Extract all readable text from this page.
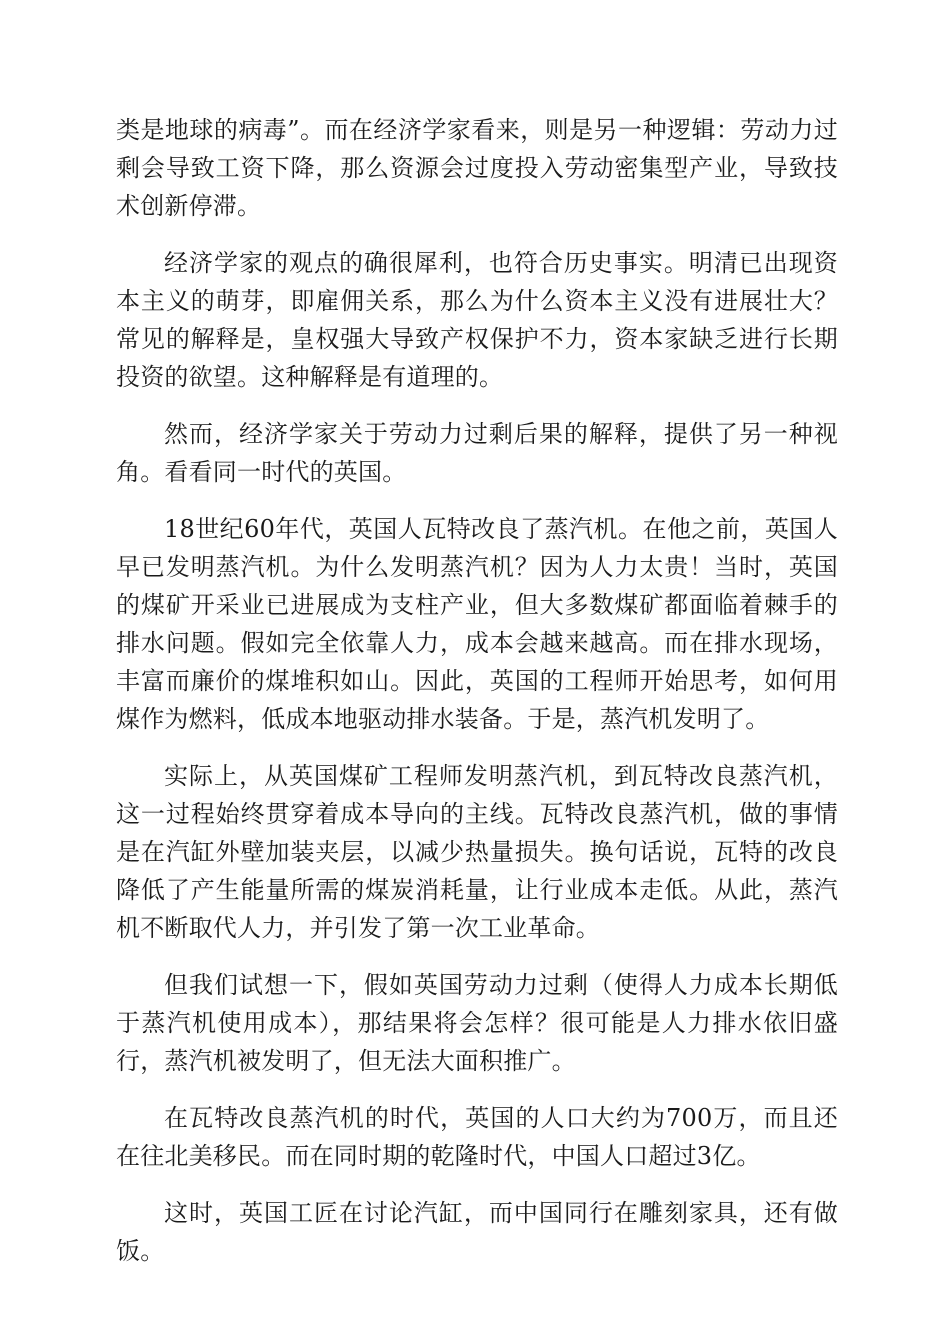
类是地球的病毒”。而在经济学家看来，则是另一种逻辑：劳动力过剩会导致工资下降，那么资源会过度投入劳动密集型产业，导致技术创新停滞。

经济学家的观点的确很犀利，也符合历史事实。明清已出现资本主义的萌芽，即雇佣关系，那么为什么资本主义没有进展壮大？常见的解释是，皇权强大导致产权保护不力，资本家缺乏进行长期投资的欲望。这种解释是有道理的。

然而，经济学家关于劳动力过剩后果的解释，提供了另一种视角。看看同一时代的英国。

18世纪60年代，英国人瓦特改良了蒸汽机。在他之前，英国人早已发明蒸汽机。为什么发明蒸汽机？因为人力太贵！当时，英国的煤矿开采业已进展成为支柱产业，但大多数煤矿都面临着棘手的排水问题。假如完全依靠人力，成本会越来越高。而在排水现场，丰富而廉价的煤堆积如山。因此，英国的工程师开始思考，如何用煤作为燃料，低成本地驱动排水装备。于是，蒸汽机发明了。

实际上，从英国煤矿工程师发明蒸汽机，到瓦特改良蒸汽机，这一过程始终贯穿着成本导向的主线。瓦特改良蒸汽机，做的事情是在汽缸外壁加装夹层，以减少热量损失。换句话说，瓦特的改良降低了产生能量所需的煤炭消耗量，让行业成本走低。从此，蒸汽机不断取代人力，并引发了第一次工业革命。

但我们试想一下，假如英国劳动力过剩（使得人力成本长期低于蒸汽机使用成本），那结果将会怎样？很可能是人力排水依旧盛行，蒸汽机被发明了，但无法大面积推广。

在瓦特改良蒸汽机的时代，英国的人口大约为700万，而且还在往北美移民。而在同时期的乾隆时代，中国人口超过3亿。

这时，英国工匠在讨论汽缸，而中国同行在雕刻家具，还有做饭。
